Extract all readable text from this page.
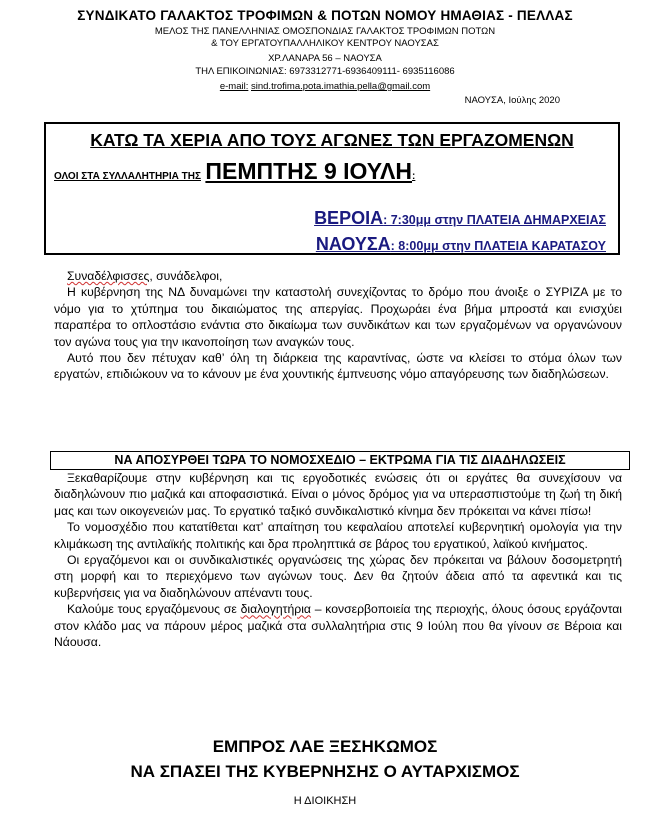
ΣΥΝΔΙΚΑΤΟ ΓΑΛΑΚΤΟΣ ΤΡΟΦΙΜΩΝ & ΠΟΤΩΝ ΝΟΜΟΥ ΗΜΑΘΙΑΣ - ΠΕΛΛΑΣ
ΜΕΛΟΣ ΤΗΣ ΠΑΝΕΛΛΗΝΙΑΣ ΟΜΟΣΠΟΝΔΙΑΣ ΓΑΛΑΚΤΟΣ ΤΡΟΦΙΜΩΝ ΠΟΤΩΝ
& ΤΟΥ ΕΡΓΑΤΟΥΠΑΛΛΗΛΙΚΟΥ ΚΕΝΤΡΟΥ ΝΑΟΥΣΑΣ
ΧΡ.ΛΑΝΑΡΑ 56 – ΝΑΟΥΣΑ
ΤΗΛ ΕΠΙΚΟΙΝΩΝΙΑΣ: 6973312771-6936409111- 6935116086
e-mail: sind.trofima.pota.imathia.pella@gmail.com
ΝΑΟΥΣΑ, Ιούλης 2020
ΚΑΤΩ ΤΑ ΧΕΡΙΑ ΑΠΟ ΤΟΥΣ ΑΓΩΝΕΣ ΤΩΝ ΕΡΓΑΖΟΜΕΝΩΝ
ΟΛΟΙ ΣΤΑ ΣΥΛΛΑΛΗΤΗΡΙΑ ΤΗΣ ΠΕΜΠΤΗΣ 9 ΙΟΥΛΗ:
ΒΕΡΟΙΑ: 7:30μμ στην ΠΛΑΤΕΙΑ ΔΗΜΑΡΧΕΙΑΣ
ΝΑΟΥΣΑ: 8:00μμ στην ΠΛΑΤΕΙΑ ΚΑΡΑΤΑΣΟΥ

Συναδέλφισσες, συνάδελφοι,

Η κυβέρνηση της ΝΔ δυναμώνει την καταστολή συνεχίζοντας το δρόμο που άνοιξε ο ΣΥΡΙΖΑ με το νόμο για το χτύπημα του δικαιώματος της απεργίας. Προχωράει ένα βήμα μπροστά και ενισχύει παραπέρα το οπλοστάσιο ενάντια στο δικαίωμα των συνδικάτων και των εργαζομένων να οργανώνουν τον αγώνα τους για την ικανοποίηση των αναγκών τους.

Αυτό που δεν πέτυχαν καθ’ όλη τη διάρκεια της καραντίνας, ώστε να κλείσει το στόμα όλων των εργατών, επιδιώκουν να το κάνουν με ένα χουντικής έμπνευσης νόμο απαγόρευσης των διαδηλώσεων.

ΝΑ ΑΠΟΣΥΡΘΕΙ ΤΩΡΑ ΤΟ ΝΟΜΟΣΧΕΔΙΟ – ΕΚΤΡΩΜΑ ΓΙΑ ΤΙΣ ΔΙΑΔΗΛΩΣΕΙΣ

Ξεκαθαρίζουμε στην κυβέρνηση και τις εργοδοτικές ενώσεις ότι οι εργάτες θα συνεχίσουν να διαδηλώνουν πιο μαζικά και αποφασιστικά. Είναι ο μόνος δρόμος για να υπερασπιστούμε τη ζωή τη δική μας και των οικογενειών μας. Το εργατικό ταξικό συνδικαλιστικό κίνημα δεν πρόκειται να κάνει πίσω!

Το νομοσχέδιο που κατατίθεται κατ’ απαίτηση του κεφαλαίου αποτελεί κυβερνητική ομολογία για την κλιμάκωση της αντιλαϊκής πολιτικής και δρα προληπτικά σε βάρος του εργατικού, λαϊκού κινήματος.

Οι εργαζόμενοι και οι συνδικαλιστικές οργανώσεις της χώρας δεν πρόκειται να βάλουν δοσομετρητή στη μορφή και το περιεχόμενο των αγώνων τους. Δεν θα ζητούν άδεια από τα αφεντικά και τις κυβερνήσεις για να διαδηλώνουν απέναντι τους.

Καλούμε τους εργαζόμενους σε διαλογητήρια – κονσερβοποιεία της περιοχής, όλους όσους εργάζονται στον κλάδο μας να πάρουν μέρος μαζικά στα συλλαλητήρια στις 9 Ιούλη που θα γίνουν σε Βέροια και Νάουσα.

ΕΜΠΡΟΣ ΛΑΕ ΞΕΣΗΚΩΜΟΣ
ΝΑ ΣΠΑΣΕΙ ΤΗΣ ΚΥΒΕΡΝΗΣΗΣ Ο ΑΥΤΑΡΧΙΣΜΟΣ
Η ΔΙΟΙΚΗΣΗ
